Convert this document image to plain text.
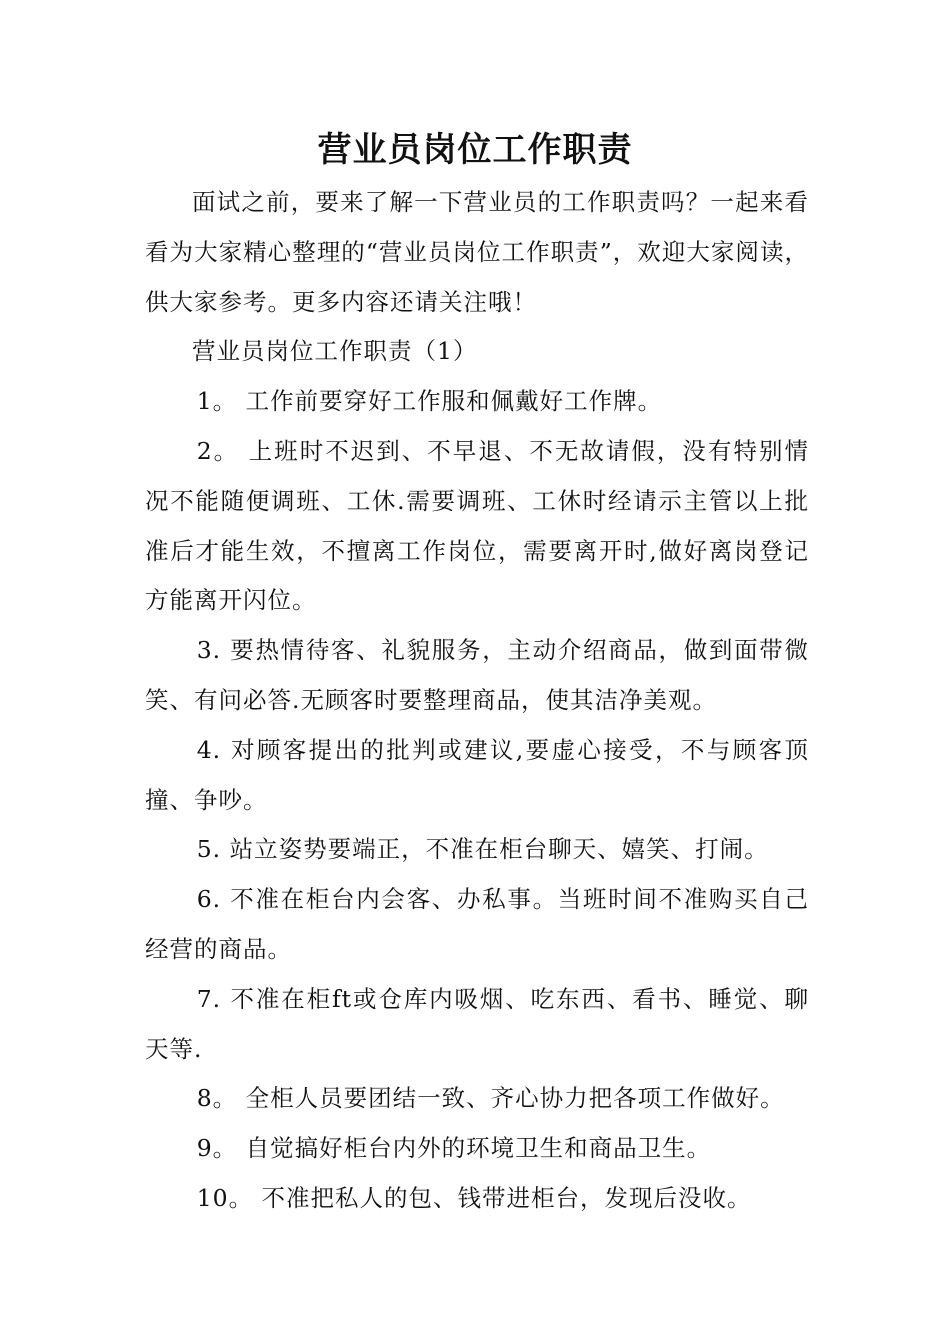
营业员岗位工作职责

面试之前，要来了解一下营业员的工作职责吗？一起来看看为大家精心整理的“营业员岗位工作职责”，欢迎大家阅读，供大家参考。更多内容还请关注哦！

营业员岗位工作职责（1）

1。 工作前要穿好工作服和佩戴好工作牌。

2。 上班时不迟到、不早退、不无故请假，没有特别情况不能随便调班、工休.需要调班、工休时经请示主管以上批准后才能生效，不擅离工作岗位，需要离开时,做好离岗登记方能离开闪位。

3. 要热情待客、礼貌服务，主动介绍商品，做到面带微笑、有问必答.无顾客时要整理商品，使其洁净美观。

4. 对顾客提出的批判或建议,要虚心接受，不与顾客顶撞、争吵。

5. 站立姿势要端正，不准在柜台聊天、嬉笑、打闹。

6. 不准在柜台内会客、办私事。当班时间不准购买自己经营的商品。

7. 不准在柜ft或仓库内吸烟、吃东西、看书、睡觉、聊天等.

8。 全柜人员要团结一致、齐心协力把各项工作做好。

9。 自觉搞好柜台内外的环境卫生和商品卫生。

10。 不准把私人的包、钱带进柜台，发现后没收。
